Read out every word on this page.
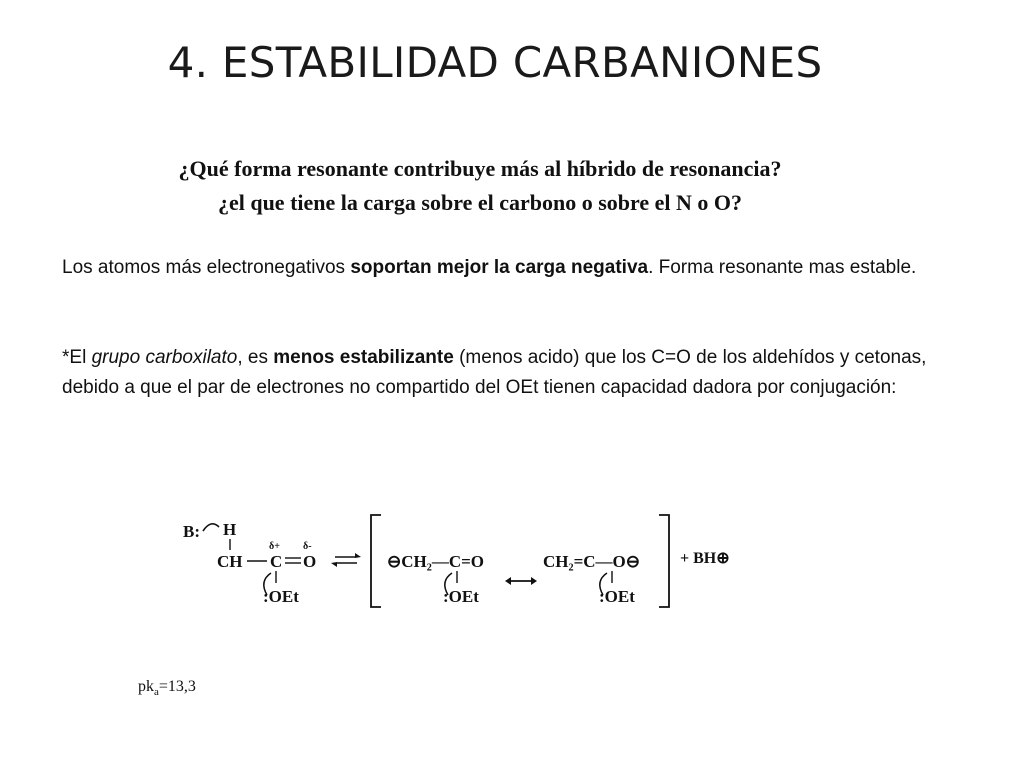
4. ESTABILIDAD CARBANIONES
¿Qué forma resonante contribuye más al híbrido de resonancia?
¿el que tiene la carga sobre el carbono o sobre el N o O?
Los atomos más electronegativos soportan mejor la carga negativa. Forma resonante mas estable.
*El grupo carboxilato, es menos estabilizante (menos acido) que los C=O de los aldehídos y cetonas, debido a que el par de electrones no compartido del OEt tienen capacidad dadora por conjugación:
B: H
CH
δ+
C
δ-
O
:OEt
⊖CH₂—C=O
:OEt
CH₂=C—O⊖
:OEt
+ BH⊕
$pk_a=13,3$
